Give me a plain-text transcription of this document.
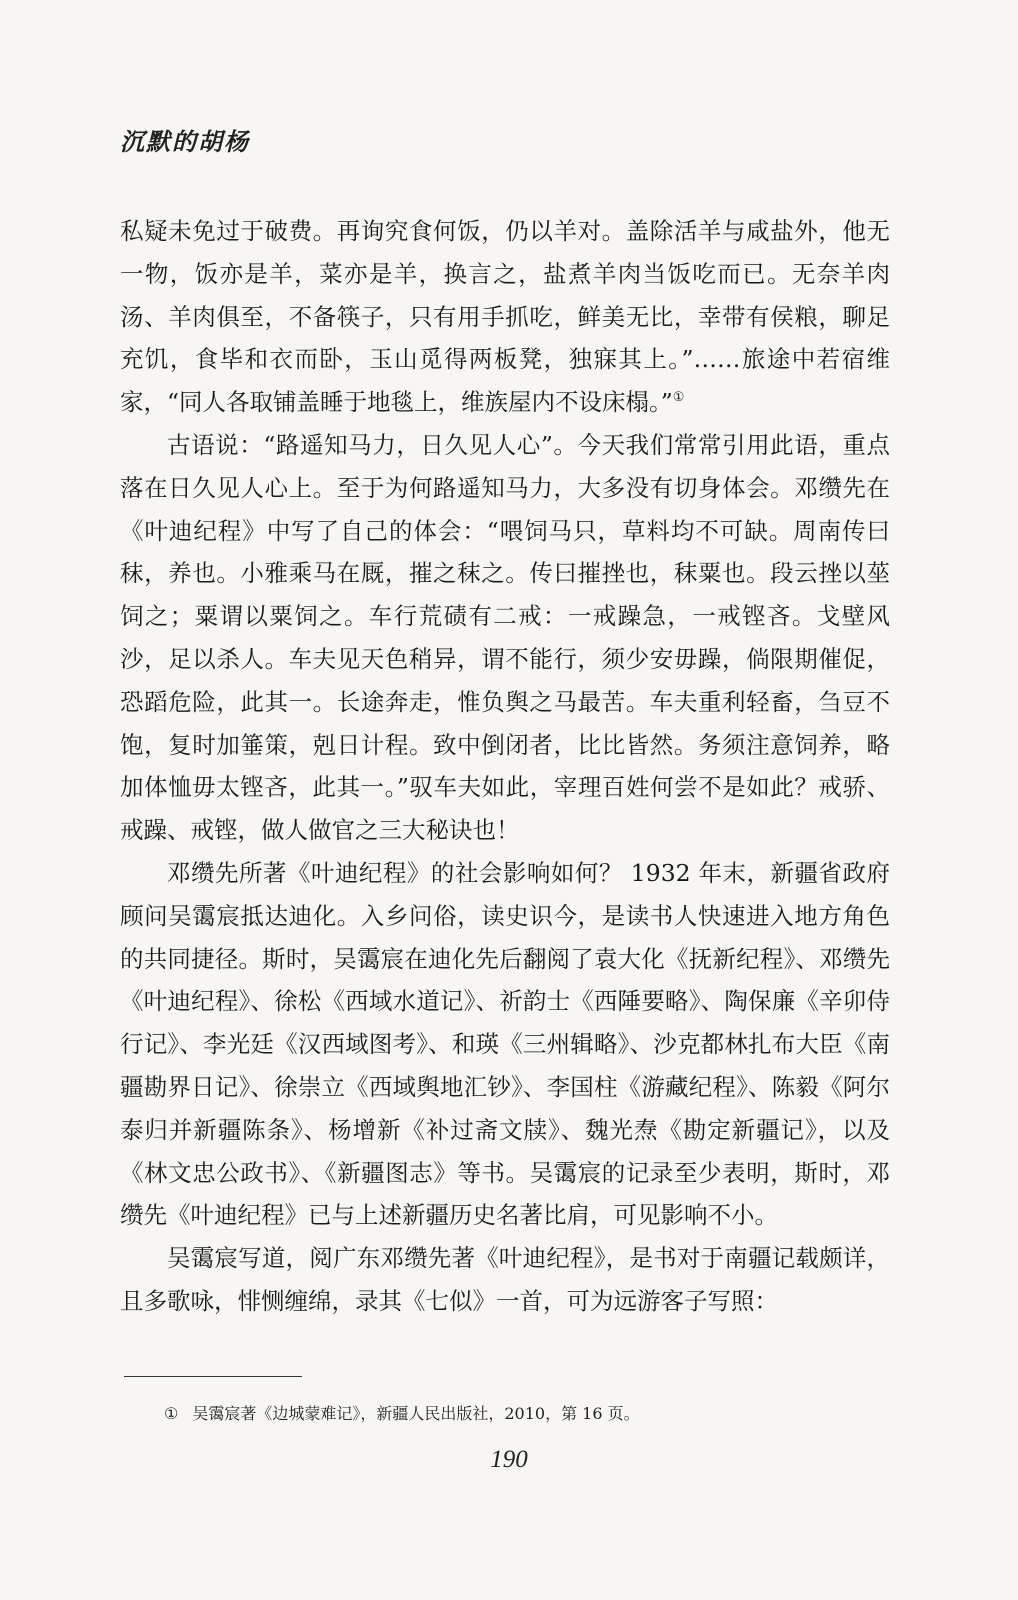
沉默的胡杨

私疑未免过于破费。再询究食何饭，仍以羊对。盖除活羊与咸盐外，他无一物，饭亦是羊，菜亦是羊，换言之，盐煮羊肉当饭吃而已。无奈羊肉汤、羊肉俱至，不备筷子，只有用手抓吃，鲜美无比，幸带有侯粮，聊足充饥，食毕和衣而卧，玉山觅得两板凳，独寐其上。”……旅途中若宿维家，“同人各取铺盖睡于地毯上，维族屋内不设床榻。”①

古语说：“路遥知马力，日久见人心”。今天我们常常引用此语，重点落在日久见人心上。至于为何路遥知马力，大多没有切身体会。邓缵先在《叶迪纪程》中写了自己的体会：“喂饲马只，草料均不可缺。周南传曰秣，养也。小雅乘马在厩，摧之秣之。传曰摧挫也，秣粟也。段云挫以莝饲之；粟谓以粟饲之。车行荒碛有二戒：一戒躁急，一戒铿吝。戈壁风沙，足以杀人。车夫见天色稍异，谓不能行，须少安毋躁，倘限期催促，恐蹈危险，此其一。长途奔走，惟负舆之马最苦。车夫重利轻畜，刍豆不饱，复时加箠策，剋日计程。致中倒闭者，比比皆然。务须注意饲养，略加体恤毋太铿吝，此其一。”驭车夫如此，宰理百姓何尝不是如此？戒骄、戒躁、戒铿，做人做官之三大秘诀也！

邓缵先所著《叶迪纪程》的社会影响如何？ 1932 年末，新疆省政府顾问吴霭宸抵达迪化。入乡问俗，读史识今，是读书人快速进入地方角色的共同捷径。斯时，吴霭宸在迪化先后翻阅了袁大化《抚新纪程》、邓缵先《叶迪纪程》、徐松《西域水道记》、祈韵士《西陲要略》、陶保廉《辛卯侍行记》、李光廷《汉西域图考》、和瑛《三州辑略》、沙克都林扎布大臣《南疆勘界日记》、徐崇立《西域舆地汇钞》、李国柱《游藏纪程》、陈毅《阿尔泰归并新疆陈条》、杨增新《补过斋文牍》、魏光焘《勘定新疆记》，以及《林文忠公政书》、《新疆图志》等书。吴霭宸的记录至少表明，斯时，邓缵先《叶迪纪程》已与上述新疆历史名著比肩，可见影响不小。

吴霭宸写道，阅广东邓缵先著《叶迪纪程》，是书对于南疆记载颇详，且多歌咏，悱恻缠绵，录其《七似》一首，可为远游客子写照：

① 吴霭宸著《边城蒙难记》，新疆人民出版社，2010，第 16 页。
190
